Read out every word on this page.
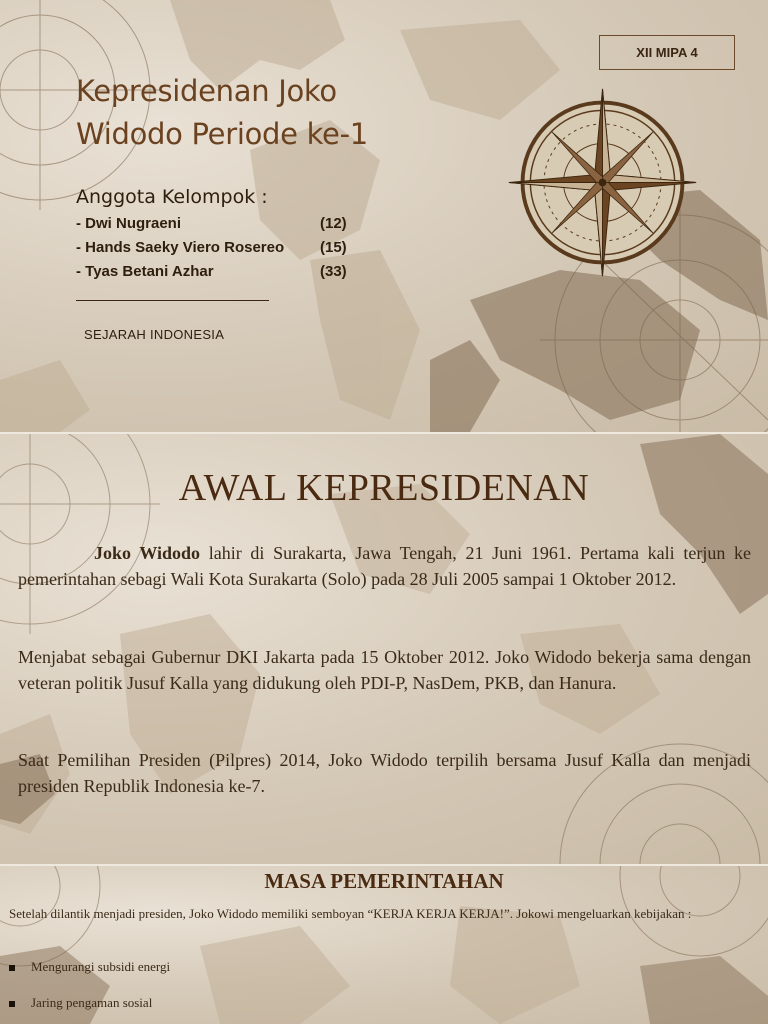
XII MIPA 4
Kepresidenan Joko
Widodo Periode ke-1
Anggota Kelompok :
- Dwi Nugraeni	(12)
- Hands Saeky Viero Rosereo (15)
- Tyas Betani Azhar	(33)
SEJARAH INDONESIA
AWAL KEPRESIDENAN
Joko Widodo lahir di Surakarta, Jawa Tengah, 21 Juni 1961. Pertama kali terjun ke pemerintahan sebagi Wali Kota Surakarta (Solo) pada 28 Juli 2005 sampai 1 Oktober 2012.
Menjabat sebagai Gubernur DKI Jakarta pada 15 Oktober 2012. Joko Widodo bekerja sama dengan veteran politik Jusuf Kalla yang didukung oleh PDI-P, NasDem, PKB, dan Hanura.
Saat Pemilihan Presiden (Pilpres) 2014, Joko Widodo terpilih bersama Jusuf Kalla dan menjadi presiden Republik Indonesia ke-7.
MASA PEMERINTAHAN
Setelah dilantik menjadi presiden, Joko Widodo memiliki semboyan “KERJA KERJA KERJA!”. Jokowi mengeluarkan kebijakan :
Mengurangi subsidi energi
Jaring pengaman sosial
